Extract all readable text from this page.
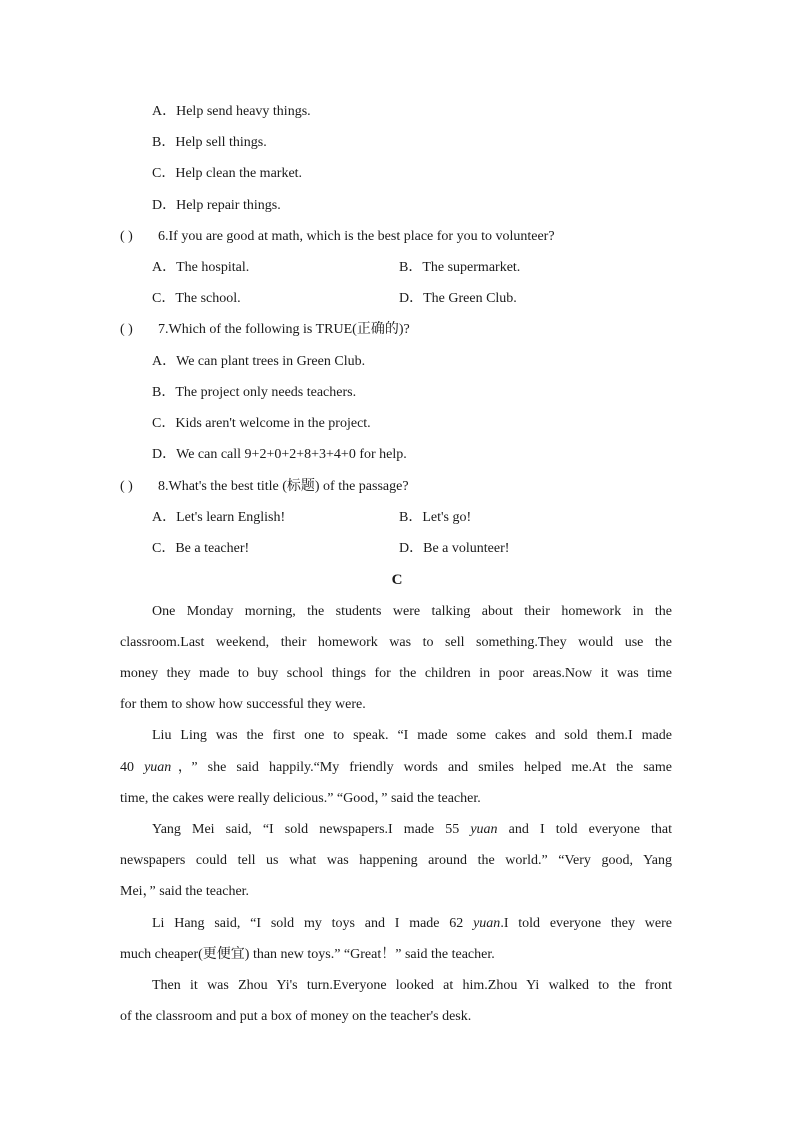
A．Help send heavy things.
B．Help sell things.
C．Help clean the market.
D．Help repair things.
( ) 6.If you are good at math, which is the best place for you to volunteer?
A．The hospital.	B．The supermarket.
C．The school.	D．The Green Club.
( ) 7.Which of the following is TRUE(正确的)?
A．We can plant trees in Green Club.
B．The project only needs teachers.
C．Kids aren't welcome in the project.
D．We can call 9+2+0+2+8+3+4+0 for help.
( ) 8.What's the best title (标题) of the passage?
A．Let's learn English!	B．Let's go!
C．Be a teacher!	D．Be a volunteer!
C
One Monday morning, the students were talking about their homework in the
classroom.Last weekend, their homework was to sell something.They would use the
money they made to buy school things for the children in poor areas.Now it was time
for them to show how successful they were.
Liu Ling was the first one to speak. “I made some cakes and sold them.I made
40 yuan，” she said happily.“My friendly words and smiles helped me.At the same
time, the cakes were really delicious.” “Good，” said the teacher.
Yang Mei said, “I sold newspapers.I made 55 yuan and I told everyone that
newspapers could tell us what was happening around the world.” “Very good, Yang
Mei，” said the teacher.
Li Hang said, “I sold my toys and I made 62 yuan.I told everyone they were
much cheaper(更便宜) than new toys.” “Great！” said the teacher.
Then it was Zhou Yi's turn.Everyone looked at him.Zhou Yi walked to the front
of the classroom and put a box of money on the teacher's desk.
